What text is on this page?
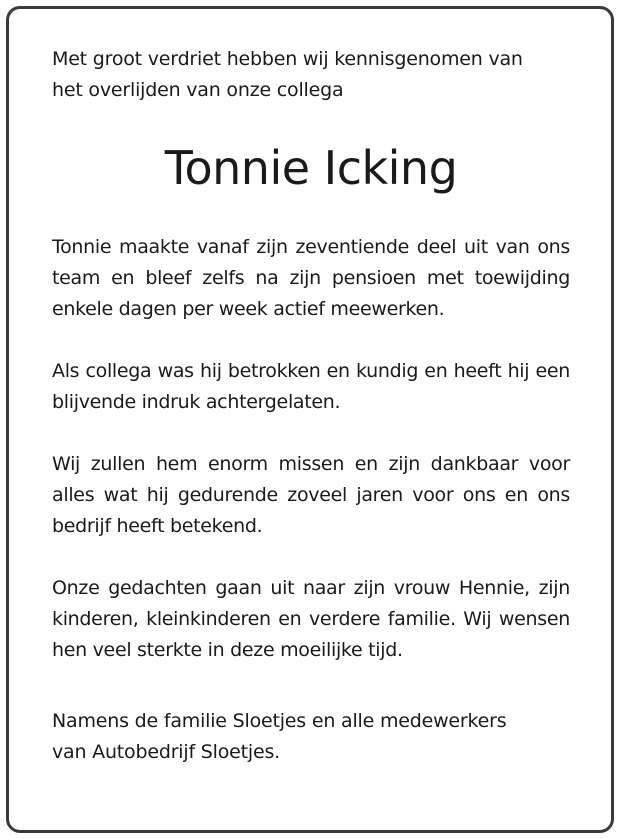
Met groot verdriet hebben wij kennisgenomen van
het overlijden van onze collega

Tonnie Icking

Tonnie maakte vanaf zijn zeventiende deel uit van ons team en bleef zelfs na zijn pensioen met toewijding enkele dagen per week actief meewerken.

Als collega was hij betrokken en kundig en heeft hij een blijvende indruk achtergelaten.

Wij zullen hem enorm missen en zijn dankbaar voor alles wat hij gedurende zoveel jaren voor ons en ons bedrijf heeft betekend.

Onze gedachten gaan uit naar zijn vrouw Hennie, zijn kinderen, kleinkinderen en verdere familie. Wij wensen hen veel sterkte in deze moeilijke tijd.

Namens de familie Sloetjes en alle medewerkers
van Autobedrijf Sloetjes.
